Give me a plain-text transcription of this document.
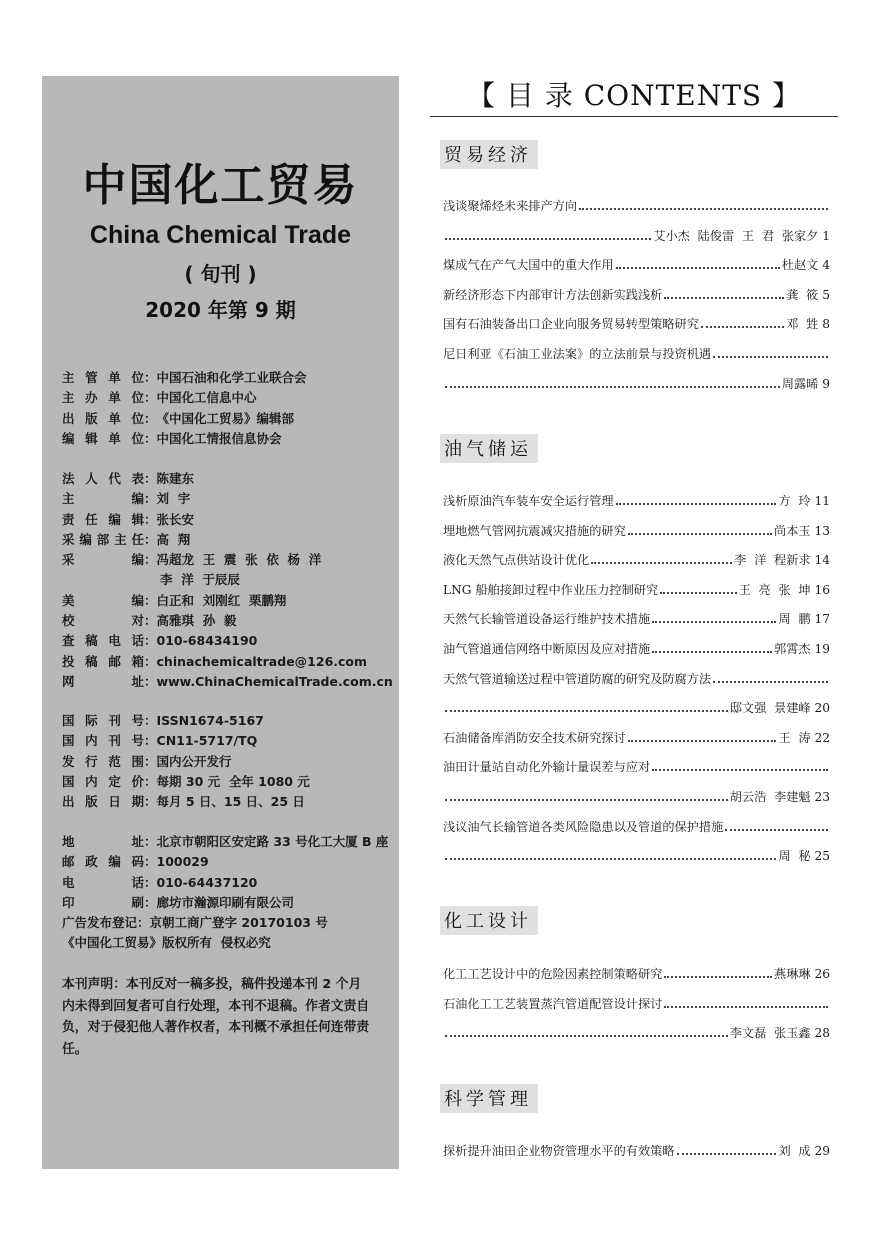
中国化工贸易
China Chemical Trade
( 旬刊 )
2020 年第 9 期
主管单位：中国石油和化学工业联合会
主办单位：中国化工信息中心
出版单位：《中国化工贸易》编辑部
编辑单位：中国化工情报信息协会
法人代表：陈建东
主编：刘  宇
责任编辑：张长安
采编部主任：高  翔
采编：冯超龙  王  震  张  依  杨  洋
李  洋  于辰辰
美编：白正和  刘刚红  栗鹏翔
校对：高雅琪  孙  毅
查稿电话：010-68434190
投稿邮箱：chinachemicaltrade@126.com
网址：www.ChinaChemicalTrade.com.cn
国际刊号：ISSN1674-5167
国内刊号：CN11-5717/TQ
发行范围：国内公开发行
国内定价：每期 30 元  全年 1080 元
出版日期：每月 5 日、15 日、25 日
地址：北京市朝阳区安定路 33 号化工大厦 B 座
邮政编码：100029
电话：010-64437120
印刷：廊坊市瀚源印刷有限公司
广告发布登记：京朝工商广登字 20170103 号
《中国化工贸易》版权所有  侵权必究
本刊声明：本刊反对一稿多投，稿件投递本刊 2 个月内未得到回复者可自行处理，本刊不退稿。作者文责自负，对于侵犯他人著作权者，本刊概不承担任何连带责任。
【 目 录 CONTENTS 】
贸易经济
浅谈聚烯烃未来排产方向
艾小杰  陆俊雷  王  君  张家夕 1
煤成气在产气大国中的重大作用	杜赵文 4
新经济形态下内部审计方法创新实践浅析	龚  筱 5
国有石油装备出口企业向服务贸易转型策略研究	邓  甡 8
尼日利亚《石油工业法案》的立法前景与投资机遇
周露晞 9
油气储运
浅析原油汽车装车安全运行管理	方  玲 11
埋地燃气管网抗震减灾措施的研究	尚本玉 13
液化天然气点供站设计优化	李  洋  程新求 14
LNG 船舶接卸过程中作业压力控制研究	王  亮  张  坤 16
天然气长输管道设备运行维护技术措施	周  鹏 17
油气管道通信网络中断原因及应对措施	郭霄杰 19
天然气管道输送过程中管道防腐的研究及防腐方法
邸文强  景建峰 20
石油储备库消防安全技术研究探讨	王  涛 22
油田计量站自动化外输计量误差与应对
胡云浩  李建魁 23
浅议油气长输管道各类风险隐患以及管道的保护措施
周  秘 25
化工设计
化工工艺设计中的危险因素控制策略研究	燕琳琳 26
石油化工工艺装置蒸汽管道配管设计探讨
李文磊  张玉鑫 28
科学管理
探析提升油田企业物资管理水平的有效策略	刘  成 29
